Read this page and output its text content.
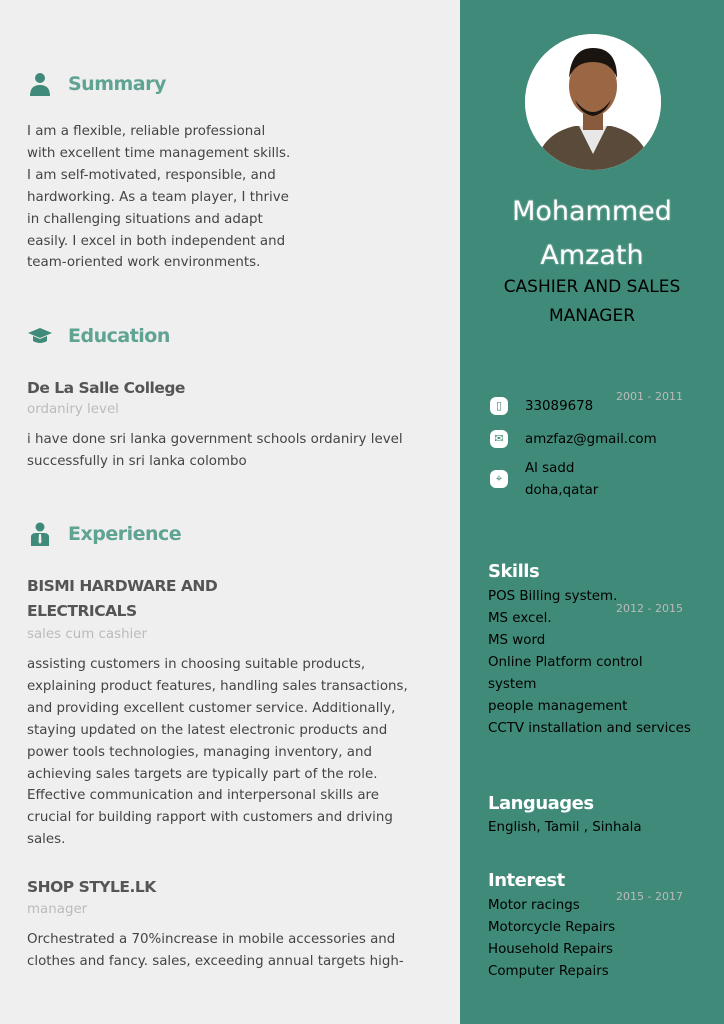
Summary
I am a flexible, reliable professional
with excellent time management skills.
I am self-motivated, responsible, and
hardworking. As a team player, I thrive
in challenging situations and adapt
easily. I excel in both independent and
team-oriented work environments.
Education
De La Salle College	2001 - 2011
ordaniry level
i have done sri lanka government schools ordaniry level
successfully in sri lanka colombo
Experience
BISMI HARDWARE AND
ELECTRICALS	2012 - 2015
sales cum cashier
assisting customers in choosing suitable products,
explaining product features, handling sales transactions,
and providing excellent customer service. Additionally,
staying updated on the latest electronic products and
power tools technologies, managing inventory, and
achieving sales targets are typically part of the role.
Effective communication and interpersonal skills are
crucial for building rapport with customers and driving
sales.
SHOP STYLE.LK
2015 - 2017
manager
Orchestrated a 70%increase in mobile accessories and
clothes and fancy. sales, exceeding annual targets high-
Mohammed
Amzath
CASHIER AND SALES
MANAGER
▯	33089678
✉	amzfaz@gmail.com
⌖
Al sadd
doha,qatar
Skills
POS Billing system.
MS excel.
MS word
Online Platform control
system
people management
CCTV installation and services
Languages
English, Tamil , Sinhala
Interest
Motor racings
Motorcycle Repairs
Household Repairs
Computer Repairs
